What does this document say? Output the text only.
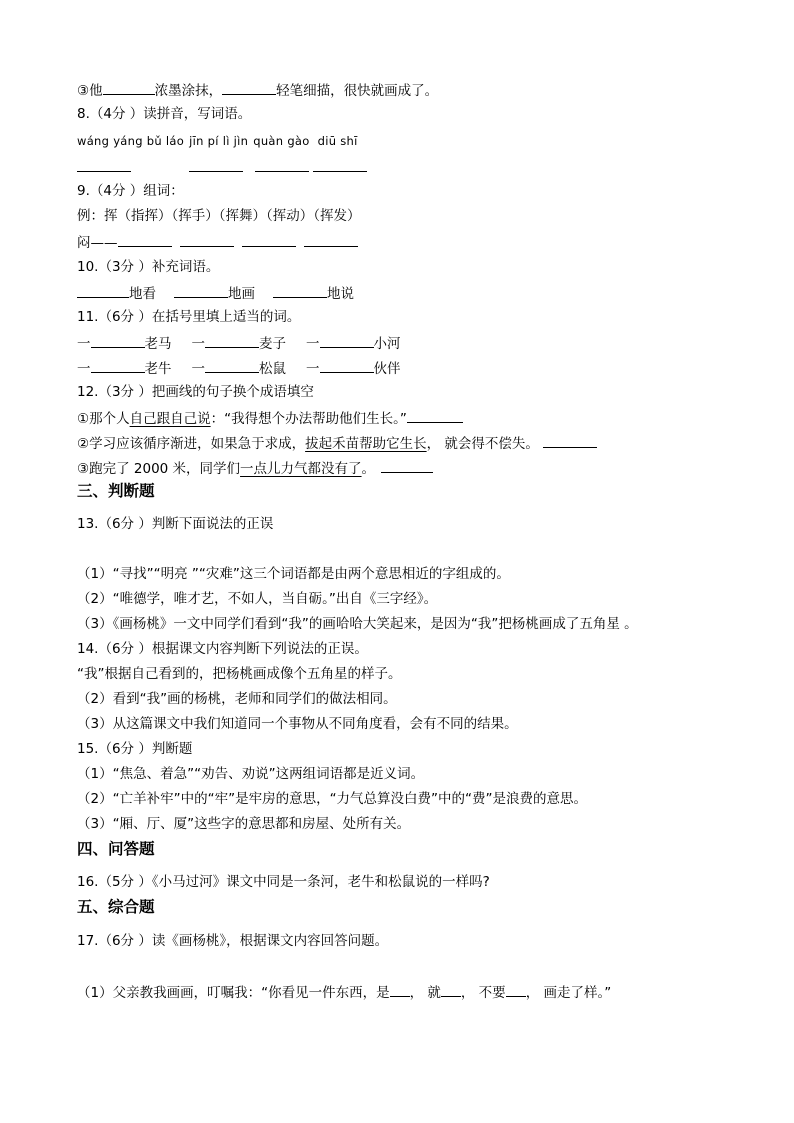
③他	浓墨涂抹，	轻笔细描，很快就画成了。
8.（4分 ）读拼音，写词语。
wáng yáng bǔ láo jīn pí lì jìn quàn gào diū shī
9.（4分 ）组词：
例：挥（指挥）（挥手）（挥舞）（挥动）（挥发）
闷——
10.（3分 ）补充词语。
地看	地画	地说
11.（6分 ）在括号里填上适当的词。
一	老马 一	麦子 一	小河
一	老牛 一	松鼠 一	伙伴
12.（3分 ）把画线的句子换个成语填空
①那个人自己跟自己说：“我得想个办法帮助他们生长。”
②学习应该循序渐进，如果急于求成，拔起禾苗帮助它生长， 就会得不偿失。
③跑完了 2000 米，同学们一点儿力气都没有了。
三、判断题
13.（6分 ）判断下面说法的正误
（1）“寻找”“明亮 ”“灾难”这三个词语都是由两个意思相近的字组成的。
（2）“唯德学，唯才艺，不如人，当自砺。”出自《三字经》。
（3）《画杨桃》一文中同学们看到“我”的画哈哈大笑起来，是因为“我”把杨桃画成了五角星 。
14.（6分 ）根据课文内容判断下列说法的正误。
“我”根据自己看到的，把杨桃画成像个五角星的样子。
（2）看到“我”画的杨桃，老师和同学们的做法相同。
（3）从这篇课文中我们知道同一个事物从不同角度看，会有不同的结果。
15.（6分 ）判断题
（1）“焦急、着急”“劝告、劝说”这两组词语都是近义词。
（2）“亡羊补牢”中的“牢”是牢房的意思，“力气总算没白费”中的“费”是浪费的意思。
（3）“厢、厅、厦”这些字的意思都和房屋、处所有关。
四、问答题
16.（5分 ）《小马过河》课文中同是一条河，老牛和松鼠说的一样吗?
五、综合题
17.（6分 ）读《画杨桃》，根据课文内容回答问题。
（1）父亲教我画画，叮嘱我：“你看见一件东西，是 ， 就 ， 不要 ， 画走了样。”
